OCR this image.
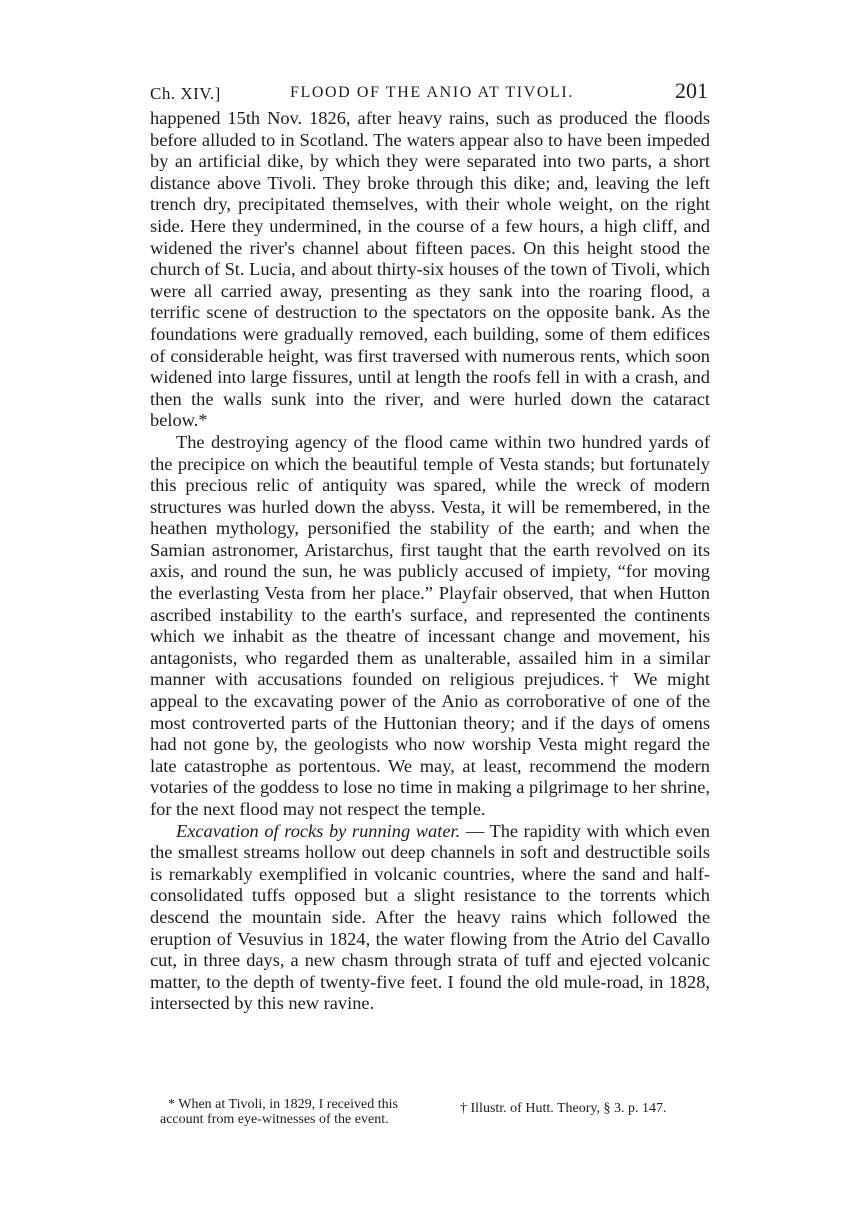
Ch. XIV.]	FLOOD OF THE ANIO AT TIVOLI.	201

happened 15th Nov. 1826, after heavy rains, such as produced the floods before alluded to in Scotland. The waters appear also to have been impeded by an artificial dike, by which they were separated into two parts, a short distance above Tivoli. They broke through this dike; and, leaving the left trench dry, precipitated themselves, with their whole weight, on the right side. Here they undermined, in the course of a few hours, a high cliff, and widened the river's channel about fifteen paces. On this height stood the church of St. Lucia, and about thirty-six houses of the town of Tivoli, which were all carried away, presenting as they sank into the roaring flood, a terrific scene of destruction to the spectators on the opposite bank. As the foundations were gradually removed, each building, some of them edifices of considerable height, was first traversed with numerous rents, which soon widened into large fissures, until at length the roofs fell in with a crash, and then the walls sunk into the river, and were hurled down the cataract below.*

The destroying agency of the flood came within two hundred yards of the precipice on which the beautiful temple of Vesta stands; but fortunately this precious relic of antiquity was spared, while the wreck of modern structures was hurled down the abyss. Vesta, it will be remembered, in the heathen mythology, personified the stability of the earth; and when the Samian astronomer, Aristarchus, first taught that the earth revolved on its axis, and round the sun, he was publicly accused of impiety, “for moving the everlasting Vesta from her place.” Playfair observed, that when Hutton ascribed instability to the earth's surface, and represented the continents which we inhabit as the theatre of incessant change and movement, his antagonists, who regarded them as unalterable, assailed him in a similar manner with accusations founded on religious prejudices.† We might appeal to the excavating power of the Anio as corroborative of one of the most controverted parts of the Huttonian theory; and if the days of omens had not gone by, the geologists who now worship Vesta might regard the late catastrophe as portentous. We may, at least, recommend the modern votaries of the goddess to lose no time in making a pilgrimage to her shrine, for the next flood may not respect the temple.

Excavation of rocks by running water. — The rapidity with which even the smallest streams hollow out deep channels in soft and destructible soils is remarkably exemplified in volcanic countries, where the sand and half-consolidated tuffs opposed but a slight resistance to the torrents which descend the mountain side. After the heavy rains which followed the eruption of Vesuvius in 1824, the water flowing from the Atrio del Cavallo cut, in three days, a new chasm through strata of tuff and ejected volcanic matter, to the depth of twenty-five feet. I found the old mule-road, in 1828, intersected by this new ravine.

* When at Tivoli, in 1829, I received this account from eye-witnesses of the event.
† Illustr. of Hutt. Theory, § 3. p. 147.
